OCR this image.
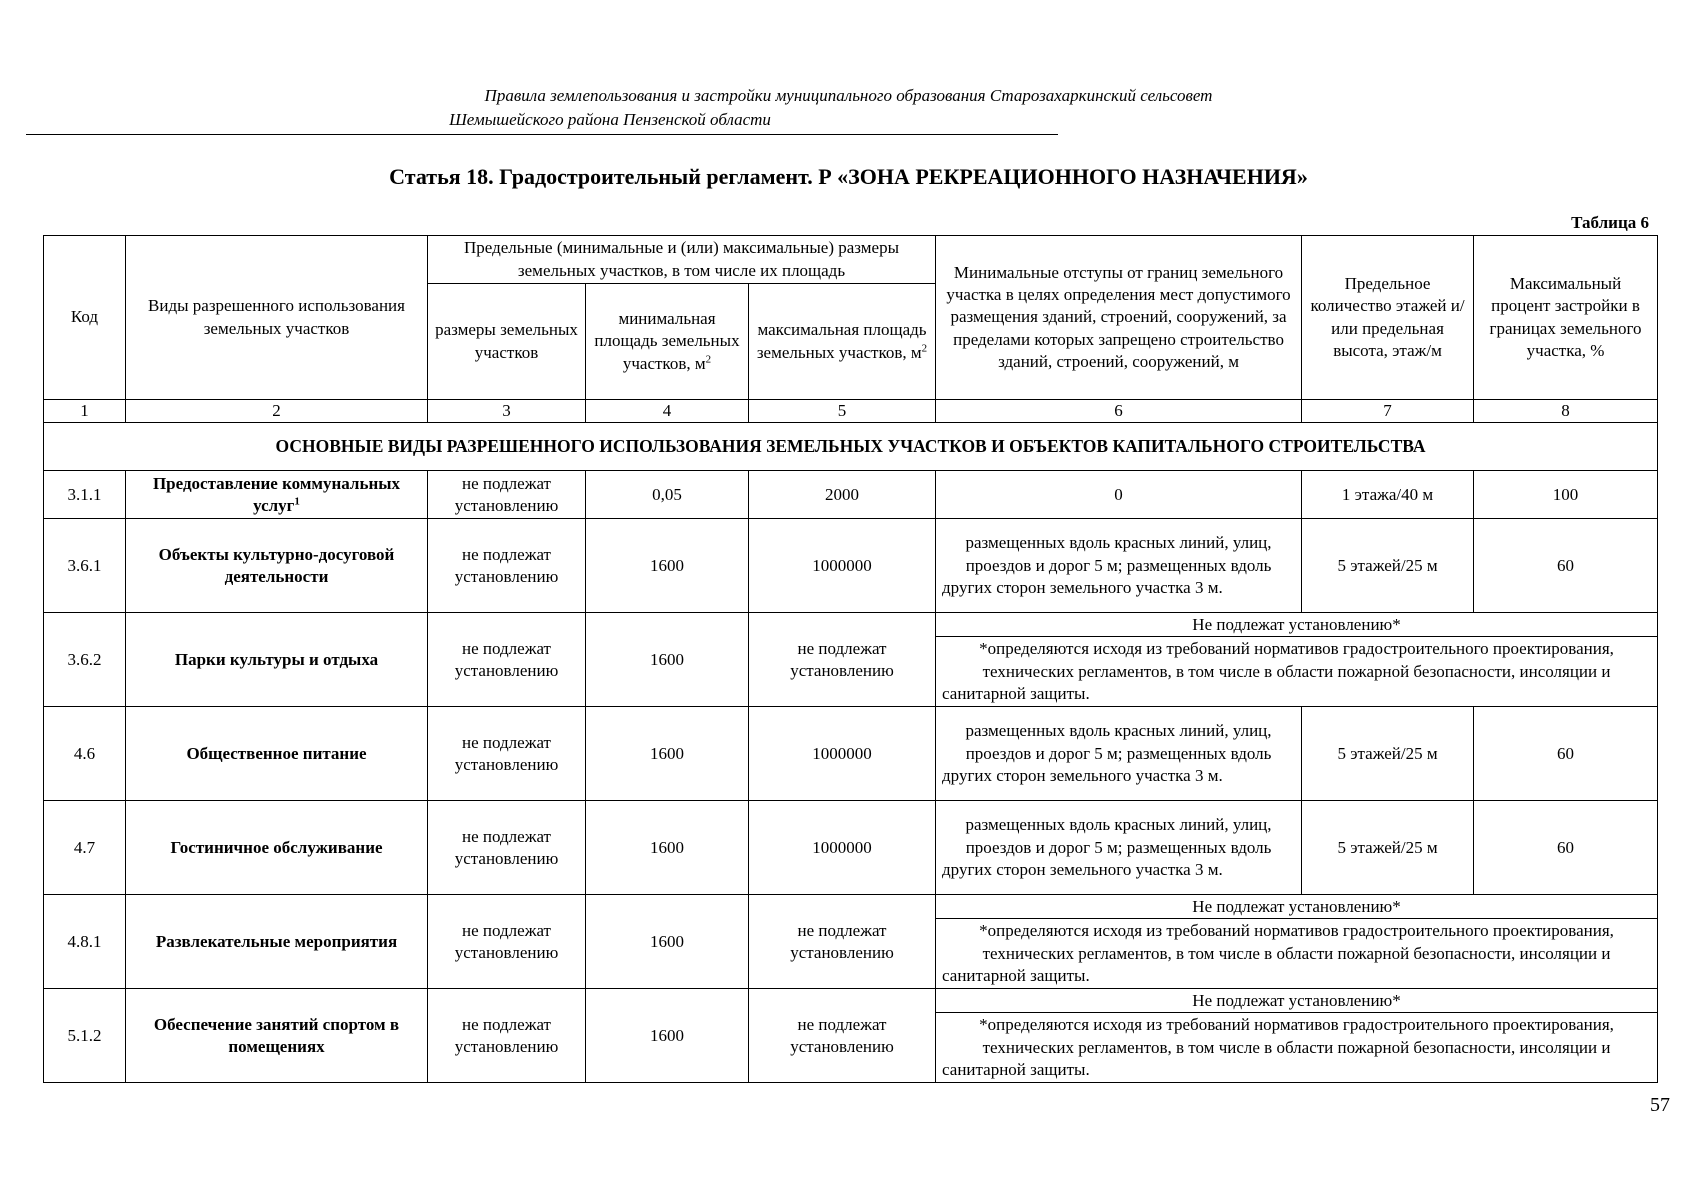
Правила землепользования и застройки муниципального образования Старозахаркинский сельсовет
Шемышейского района Пензенской области
Статья 18. Градостроительный регламент. Р «ЗОНА РЕКРЕАЦИОННОГО НАЗНАЧЕНИЯ»
Таблица 6
Код	Виды разрешенного использования земельных участков	Предельные (минимальные и (или) максимальные) размеры земельных участков, в том числе их площадь			Минимальные отступы от границ земельного участка в целях определения мест допустимого размещения зданий, строений, сооружений, за пределами которых запрещено строительство зданий, строений, сооружений, м	Предельное количество этажей и/или предельная высота, этаж/м	Максимальный процент застройки в границах земельного участка, %
		размеры земельных участков	минимальная площадь земельных участков, $м^2$	максимальная площадь земельных участков, $м^2$
1	2	3	4	5	6	7	8
ОСНОВНЫЕ ВИДЫ РАЗРЕШЕННОГО ИСПОЛЬЗОВАНИЯ ЗЕМЕЛЬНЫХ УЧАСТКОВ И ОБЪЕКТОВ КАПИТАЛЬНОГО СТРОИТЕЛЬСТВА							
3.1.1	Предоставление коммунальных услуг$^1$	не подлежат установлению	0,05	2000	0	1 этажа/40 м	100
3.6.1	Объекты культурно-досуговой деятельности	не подлежат установлению	1600	1000000	размещенных вдоль красных линий, улиц, проездов и дорог 5 м; размещенных вдоль других сторон земельного участка 3 м.	5 этажей/25 м	60
3.6.2	Парки культуры и отдыха	не подлежат установлению	1600	не подлежат установлению	Не подлежат установлению*		
					*определяются исходя из требований нормативов градостроительного проектирования, технических регламентов, в том числе в области пожарной безопасности, инсоляции и санитарной защиты.		
4.6	Общественное питание	не подлежат установлению	1600	1000000	размещенных вдоль красных линий, улиц, проездов и дорог 5 м; размещенных вдоль других сторон земельного участка 3 м.	5 этажей/25 м	60
4.7	Гостиничное обслуживание	не подлежат установлению	1600	1000000	размещенных вдоль красных линий, улиц, проездов и дорог 5 м; размещенных вдоль других сторон земельного участка 3 м.	5 этажей/25 м	60
4.8.1	Развлекательные мероприятия	не подлежат установлению	1600	не подлежат установлению	Не подлежат установлению*		
					*определяются исходя из требований нормативов градостроительного проектирования, технических регламентов, в том числе в области пожарной безопасности, инсоляции и санитарной защиты.		
5.1.2	Обеспечение занятий спортом в помещениях	не подлежат установлению	1600	не подлежат установлению	Не подлежат установлению*		
					*определяются исходя из требований нормативов градостроительного проектирования, технических регламентов, в том числе в области пожарной безопасности, инсоляции и санитарной защиты.		
57
